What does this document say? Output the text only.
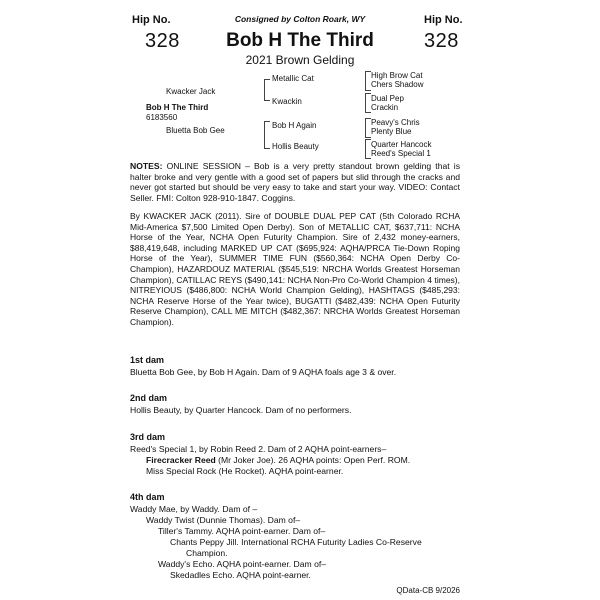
Hip No.
328
Hip No.
328
Consigned by Colton Roark, WY
Bob H The Third
2021 Brown Gelding
Bob H The Third
6183560
Kwacker Jack
Bluetta Bob Gee
Metallic Cat
Kwackin
Bob H Again
Hollis Beauty
High Brow Cat
Chers Shadow
Dual Pep
Crackin
Peavy's Chris
Plenty Blue
Quarter Hancock
Reed's Special 1
NOTES: ONLINE SESSION – Bob is a very pretty standout brown gelding that is halter broke and very gentle with a good set of papers but slid through the cracks and never got started but should be very easy to take and start your way. VIDEO: Contact Seller. FMI: Colton 928-910-1847. Coggins.
By KWACKER JACK (2011). Sire of DOUBLE DUAL PEP CAT (5th Colorado RCHA Mid-America $7,500 Limited Open Derby). Son of METALLIC CAT, $637,711: NCHA Horse of the Year, NCHA Open Futurity Champion. Sire of 2,432 money-earners, $88,419,648, including MARKED UP CAT ($695,924: AQHA/PRCA Tie-Down Roping Horse of the Year), SUMMER TIME FUN ($560,364: NCHA Open Derby Co-Champion), HAZARDOUZ MATERIAL ($545,519: NRCHA Worlds Greatest Horseman Champion), CATILLAC REYS ($490,141: NCHA Non-Pro Co-World Champion 4 times), NITREYIOUS ($486,800: NCHA World Champion Gelding), HASHTAGS ($485,293: NCHA Reserve Horse of the Year twice), BUGATTI ($482,439: NCHA Open Futurity Reserve Champion), CALL ME MITCH ($482,367: NRCHA Worlds Greatest Horseman Champion).
1st dam
Bluetta Bob Gee, by Bob H Again. Dam of 9 AQHA foals age 3 & over.
2nd dam
Hollis Beauty, by Quarter Hancock. Dam of no performers.
3rd dam
Reed's Special 1, by Robin Reed 2. Dam of 2 AQHA point-earners–
Firecracker Reed (Mr Joker Joe). 26 AQHA points: Open Perf. ROM.
Miss Special Rock (He Rocket). AQHA point-earner.
4th dam
Waddy Mae, by Waddy. Dam of –
Waddy Twist (Dunnie Thomas). Dam of–
Tiller's Tammy. AQHA point-earner. Dam of–
Chants Peppy Jill. International RCHA Futurity Ladies Co-Reserve
Champion.
Waddy's Echo. AQHA point-earner. Dam of–
Skedadles Echo. AQHA point-earner.
QData-CB 9/2026
